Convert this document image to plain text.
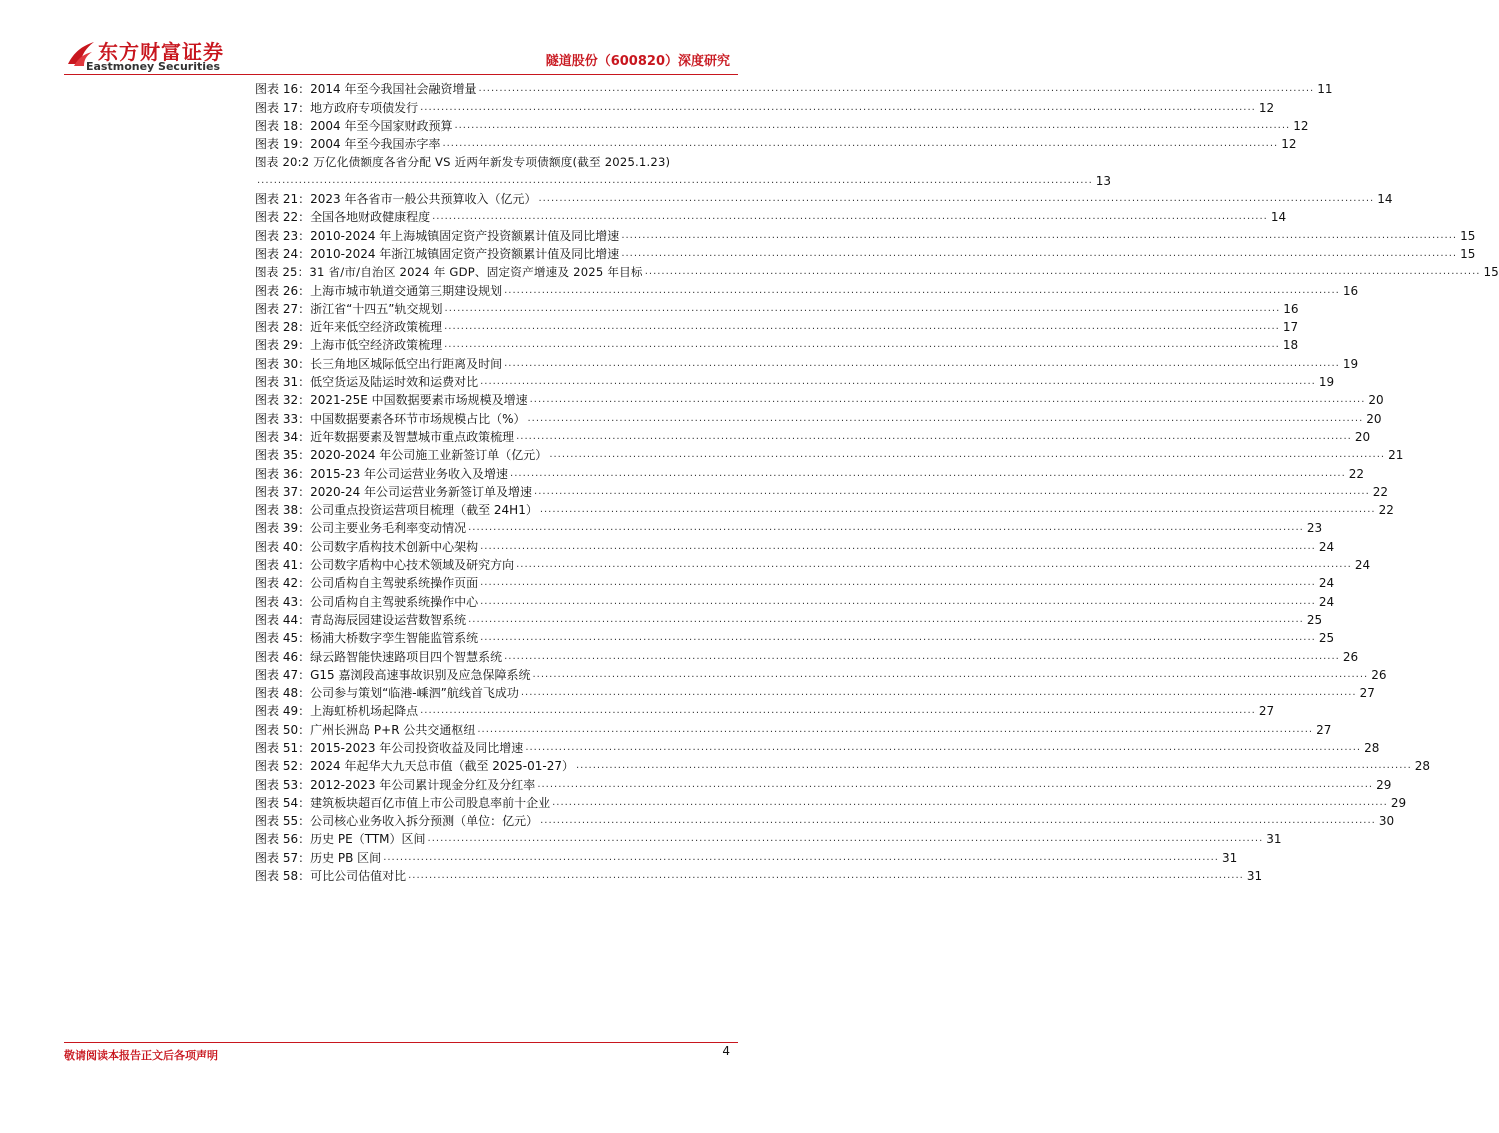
东方财富证券
Eastmoney Securities	隧道股份（600820）深度研究
图表 16：2014 年至今我国社会融资增量 ........................................................................................................................................................................................................ 11
图表 17：地方政府专项债发行 ........................................................................................................................................................................................................ 12
图表 18：2004 年至今国家财政预算 ........................................................................................................................................................................................................ 12
图表 19：2004 年至今我国赤字率 ........................................................................................................................................................................................................ 12
图表 20:2 万亿化债额度各省分配 VS 近两年新发专项债额度(截至 2025.1.23)
........................................................................................................................................................................................................ 13
图表 21：2023 年各省市一般公共预算收入（亿元） ........................................................................................................................................................................................................ 14
图表 22：全国各地财政健康程度 ........................................................................................................................................................................................................ 14
图表 23：2010-2024 年上海城镇固定资产投资额累计值及同比增速 ........................................................................................................................................................................................................ 15
图表 24：2010-2024 年浙江城镇固定资产投资额累计值及同比增速 ........................................................................................................................................................................................................ 15
图表 25：31 省/市/自治区 2024 年 GDP、固定资产增速及 2025 年目标 ........................................................................................................................................................................................................ 15
图表 26：上海市城市轨道交通第三期建设规划 ........................................................................................................................................................................................................ 16
图表 27：浙江省“十四五”轨交规划 ........................................................................................................................................................................................................ 16
图表 28：近年来低空经济政策梳理 ........................................................................................................................................................................................................ 17
图表 29：上海市低空经济政策梳理 ........................................................................................................................................................................................................ 18
图表 30：长三角地区城际低空出行距离及时间 ........................................................................................................................................................................................................ 19
图表 31：低空货运及陆运时效和运费对比 ........................................................................................................................................................................................................ 19
图表 32：2021-25E 中国数据要素市场规模及增速 ........................................................................................................................................................................................................ 20
图表 33：中国数据要素各环节市场规模占比（%） ........................................................................................................................................................................................................ 20
图表 34：近年数据要素及智慧城市重点政策梳理 ........................................................................................................................................................................................................ 20
图表 35：2020-2024 年公司施工业新签订单（亿元） ........................................................................................................................................................................................................ 21
图表 36：2015-23 年公司运营业务收入及增速 ........................................................................................................................................................................................................ 22
图表 37：2020-24 年公司运营业务新签订单及增速 ........................................................................................................................................................................................................ 22
图表 38：公司重点投资运营项目梳理（截至 24H1） ........................................................................................................................................................................................................ 22
图表 39：公司主要业务毛利率变动情况 ........................................................................................................................................................................................................ 23
图表 40：公司数字盾构技术创新中心架构 ........................................................................................................................................................................................................ 24
图表 41：公司数字盾构中心技术领域及研究方向 ........................................................................................................................................................................................................ 24
图表 42：公司盾构自主驾驶系统操作页面 ........................................................................................................................................................................................................ 24
图表 43：公司盾构自主驾驶系统操作中心 ........................................................................................................................................................................................................ 24
图表 44：青岛海辰园建设运营数智系统 ........................................................................................................................................................................................................ 25
图表 45：杨浦大桥数字孪生智能监管系统 ........................................................................................................................................................................................................ 25
图表 46：绿云路智能快速路项目四个智慧系统 ........................................................................................................................................................................................................ 26
图表 47：G15 嘉浏段高速事故识别及应急保障系统 ........................................................................................................................................................................................................ 26
图表 48：公司参与策划“临港-嵊泗”航线首飞成功 ........................................................................................................................................................................................................ 27
图表 49：上海虹桥机场起降点 ........................................................................................................................................................................................................ 27
图表 50：广州长洲岛 P+R 公共交通枢纽 ........................................................................................................................................................................................................ 27
图表 51：2015-2023 年公司投资收益及同比增速 ........................................................................................................................................................................................................ 28
图表 52：2024 年起华大九天总市值（截至 2025-01-27） ........................................................................................................................................................................................................ 28
图表 53：2012-2023 年公司累计现金分红及分红率 ........................................................................................................................................................................................................ 29
图表 54：建筑板块超百亿市值上市公司股息率前十企业 ........................................................................................................................................................................................................ 29
图表 55：公司核心业务收入拆分预测（单位：亿元） ........................................................................................................................................................................................................ 30
图表 56：历史 PE（TTM）区间 ........................................................................................................................................................................................................ 31
图表 57：历史 PB 区间 ........................................................................................................................................................................................................ 31
图表 58：可比公司估值对比 ........................................................................................................................................................................................................ 31
敬请阅读本报告正文后各项声明	4
